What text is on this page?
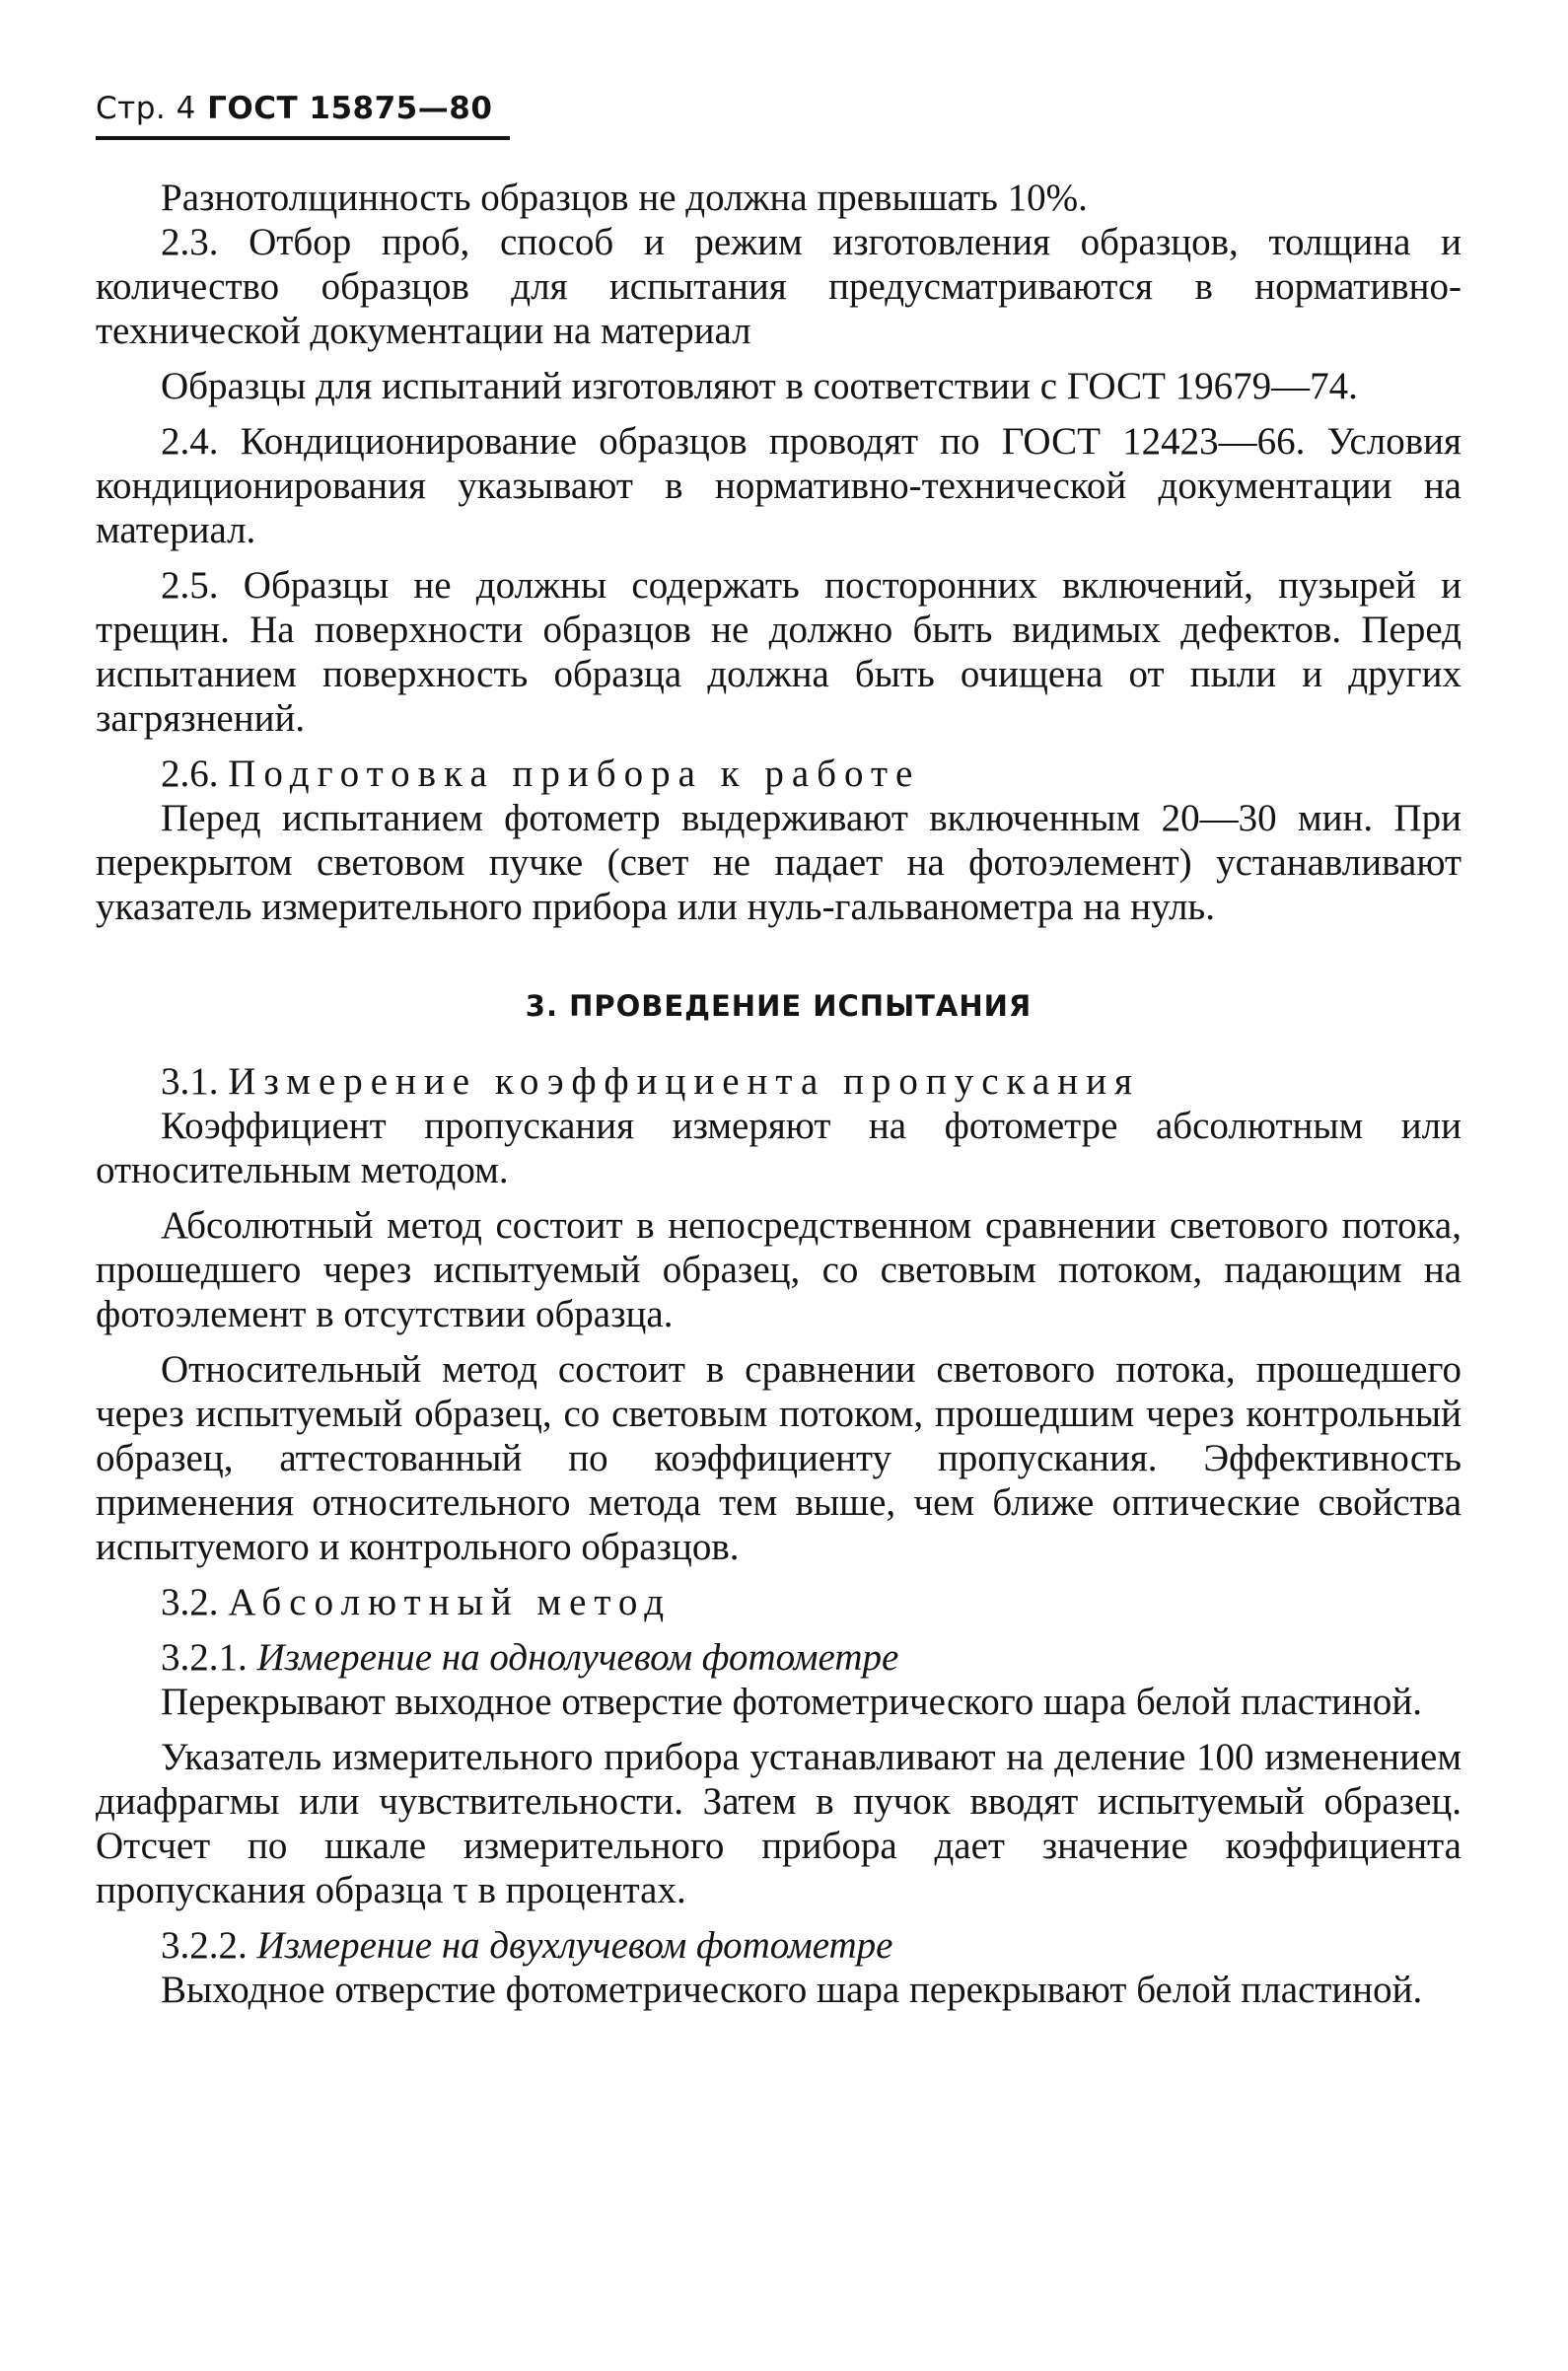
Стр. 4 ГОСТ 15875—80

Разнотолщинность образцов не должна превышать 10%.

2.3. Отбор проб, способ и режим изготовления образцов, толщина и количество образцов для испытания предусматриваются в нормативно-технической документации на материал

Образцы для испытаний изготовляют в соответствии с ГОСТ 19679—74.

2.4. Кондиционирование образцов проводят по ГОСТ 12423—66. Условия кондиционирования указывают в нормативно-технической документации на материал.

2.5. Образцы не должны содержать посторонних включений, пузырей и трещин. На поверхности образцов не должно быть видимых дефектов. Перед испытанием поверхность образца должна быть очищена от пыли и других загрязнений.

2.6. Подготовка прибора к работе

Перед испытанием фотометр выдерживают включенным 20—30 мин. При перекрытом световом пучке (свет не падает на фотоэлемент) устанавливают указатель измерительного прибора или нуль-гальванометра на нуль.

3. ПРОВЕДЕНИЕ ИСПЫТАНИЯ

3.1. Измерение коэффициента пропускания

Коэффициент пропускания измеряют на фотометре абсолютным или относительным методом.

Абсолютный метод состоит в непосредственном сравнении светового потока, прошедшего через испытуемый образец, со световым потоком, падающим на фотоэлемент в отсутствии образца.

Относительный метод состоит в сравнении светового потока, прошедшего через испытуемый образец, со световым потоком, прошедшим через контрольный образец, аттестованный по коэффициенту пропускания. Эффективность применения относительного метода тем выше, чем ближе оптические свойства испытуемого и контрольного образцов.

3.2. Абсолютный метод

3.2.1. Измерение на однолучевом фотометре

Перекрывают выходное отверстие фотометрического шара белой пластиной.

Указатель измерительного прибора устанавливают на деление 100 изменением диафрагмы или чувствительности. Затем в пучок вводят испытуемый образец. Отсчет по шкале измерительного прибора дает значение коэффициента пропускания образца τ в процентах.

3.2.2. Измерение на двухлучевом фотометре

Выходное отверстие фотометрического шара перекрывают белой пластиной.
